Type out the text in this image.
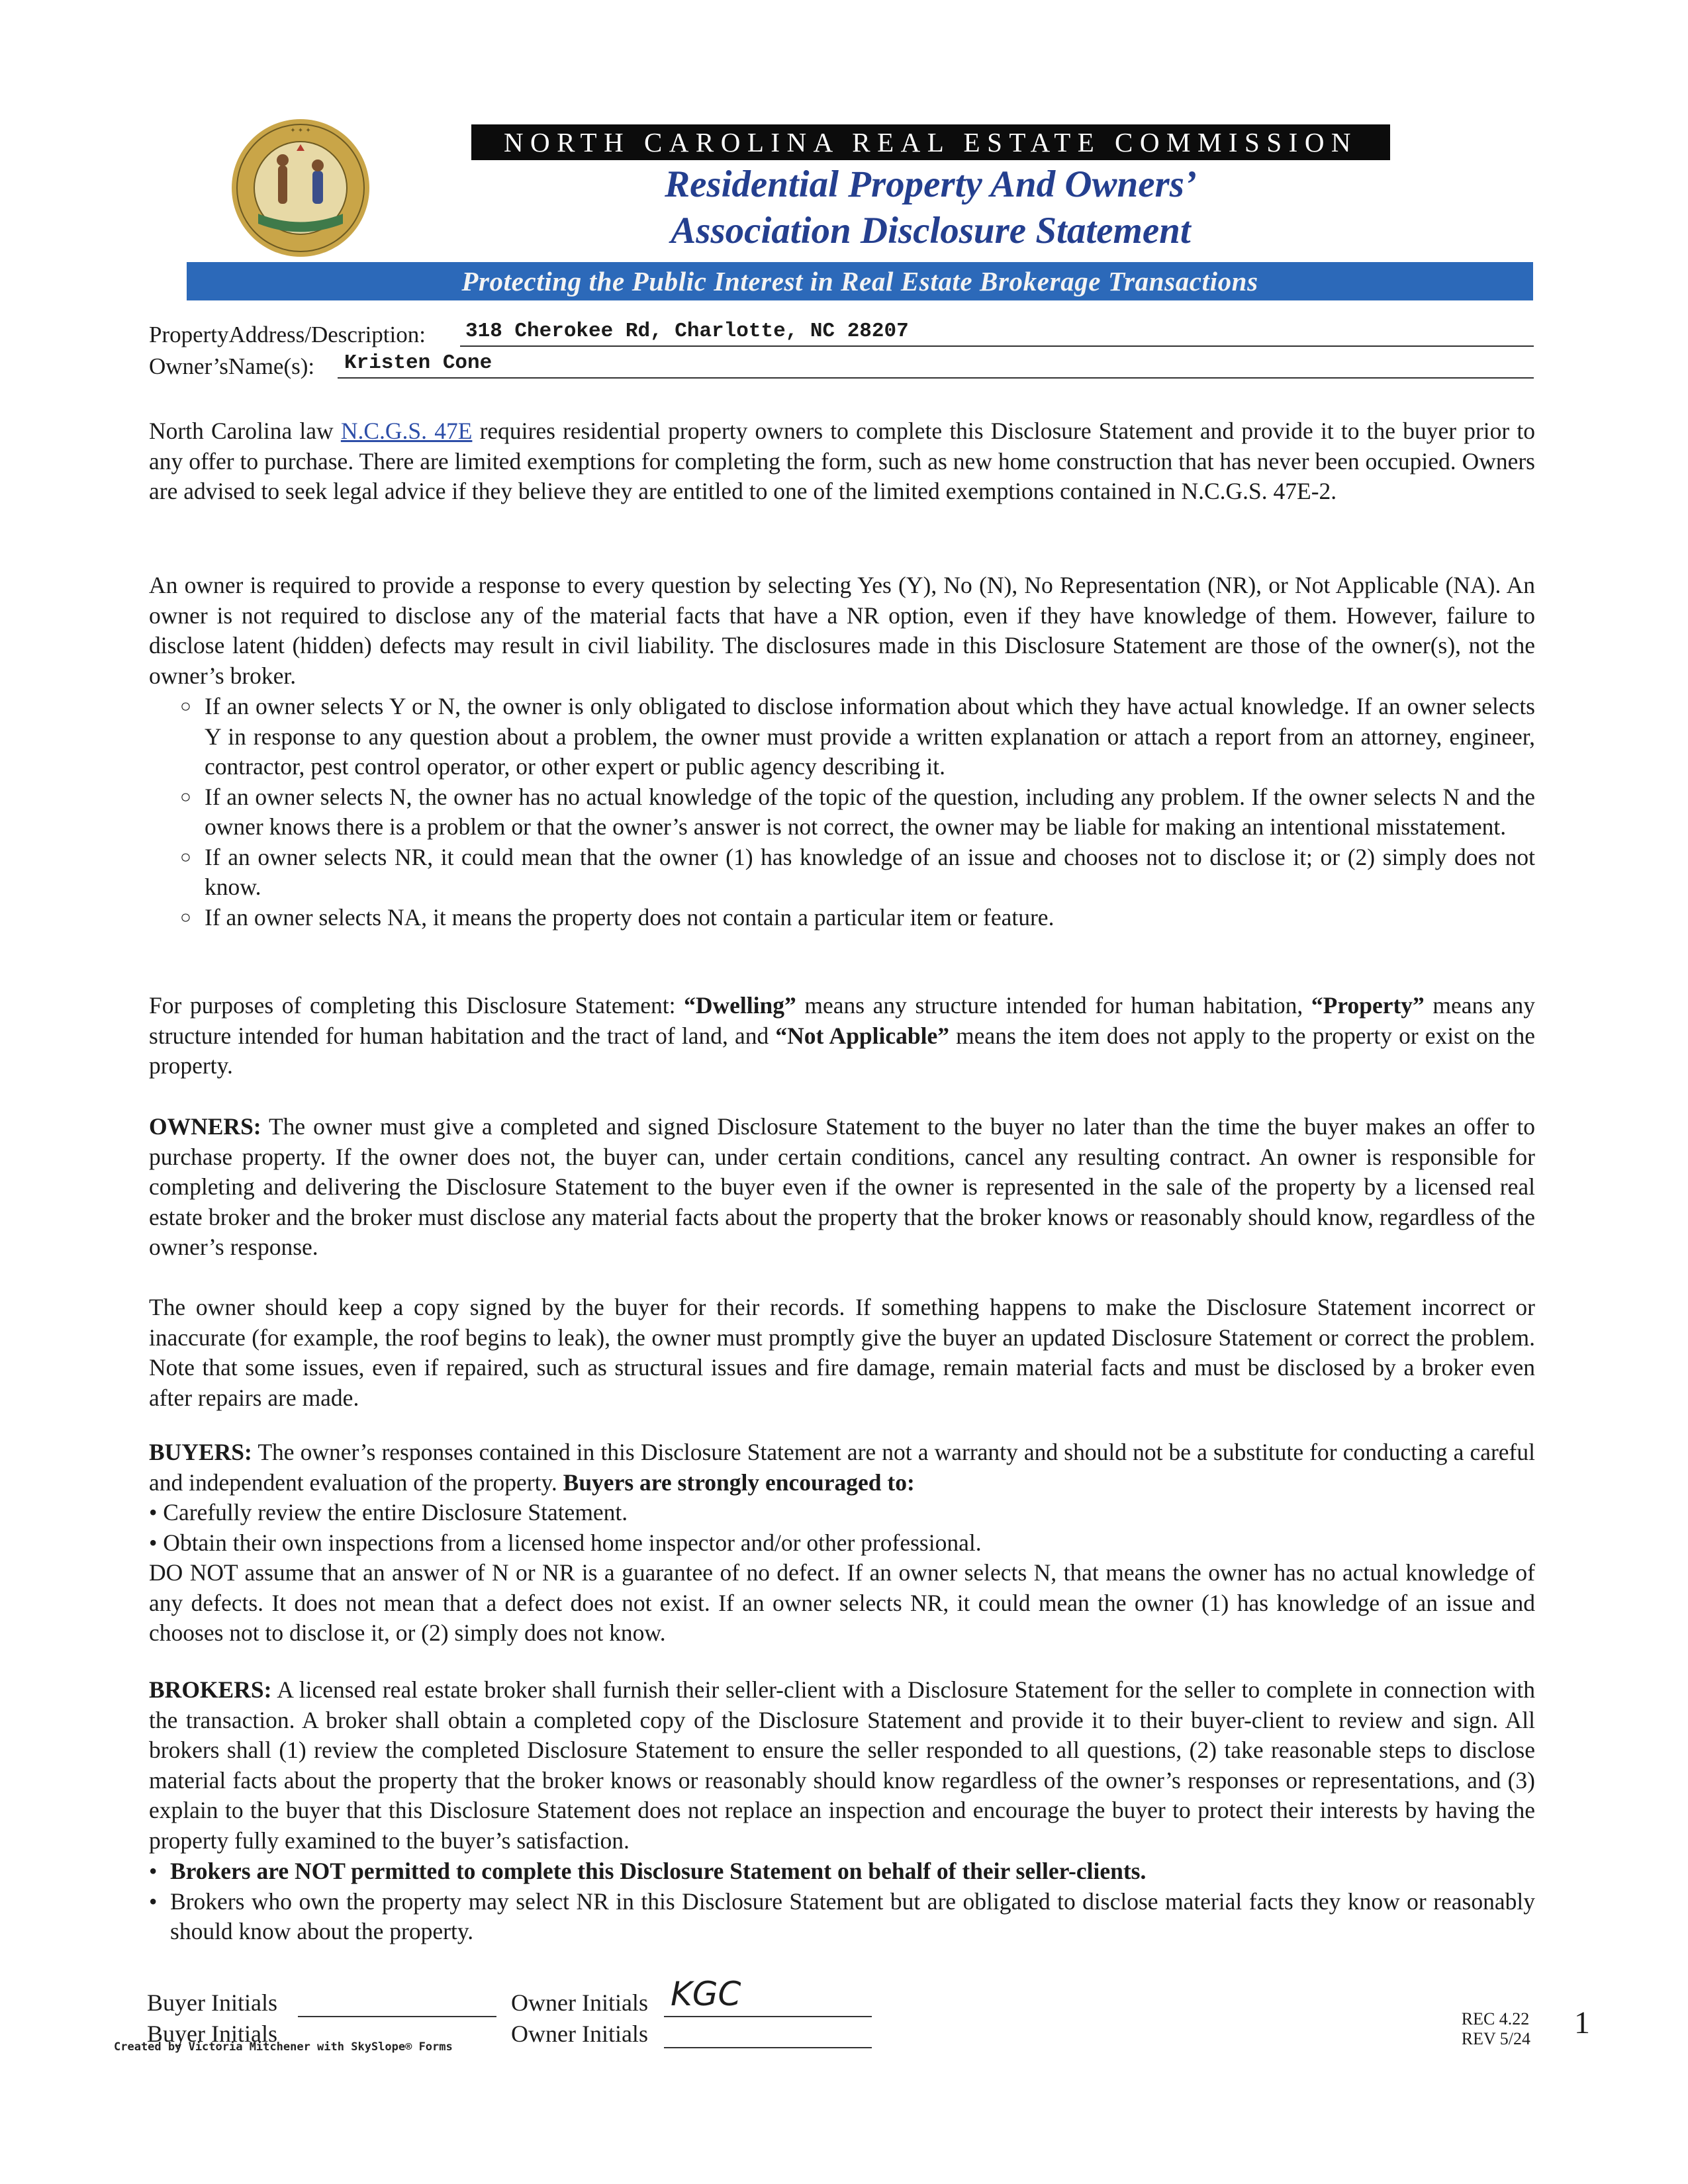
✦ ✦ ✦	NORTH CAROLINA REAL ESTATE COMMISSION
Residential Property And Owners’
Association Disclosure Statement
Protecting the Public Interest in Real Estate Brokerage Transactions
PropertyAddress/Description: 318 Cherokee Rd, Charlotte, NC 28207
Owner’sName(s): Kristen Cone
North Carolina law N.C.G.S. 47E requires residential property owners to complete this Disclosure Statement and provide it to the buyer prior to any offer to purchase. There are limited exemptions for completing the form, such as new home construction that has never been occupied. Owners are advised to seek legal advice if they believe they are entitled to one of the limited exemptions contained in N.C.G.S. 47E-2.
An owner is required to provide a response to every question by selecting Yes (Y), No (N), No Representation (NR), or Not Applicable (NA). An owner is not required to disclose any of the material facts that have a NR option, even if they have knowledge of them. However, failure to disclose latent (hidden) defects may result in civil liability. The disclosures made in this Disclosure Statement are those of the owner(s), not the owner’s broker.
○ If an owner selects Y or N, the owner is only obligated to disclose information about which they have actual knowledge. If an owner selects Y in response to any question about a problem, the owner must provide a written explanation or attach a report from an attorney, engineer, contractor, pest control operator, or other expert or public agency describing it.
○ If an owner selects N, the owner has no actual knowledge of the topic of the question, including any problem. If the owner selects N and the owner knows there is a problem or that the owner’s answer is not correct, the owner may be liable for making an intentional misstatement.
○ If an owner selects NR, it could mean that the owner (1) has knowledge of an issue and chooses not to disclose it; or (2) simply does not know.
○ If an owner selects NA, it means the property does not contain a particular item or feature.
For purposes of completing this Disclosure Statement: “Dwelling” means any structure intended for human habitation, “Property” means any structure intended for human habitation and the tract of land, and “Not Applicable” means the item does not apply to the property or exist on the property.
OWNERS: The owner must give a completed and signed Disclosure Statement to the buyer no later than the time the buyer makes an offer to purchase property. If the owner does not, the buyer can, under certain conditions, cancel any resulting contract. An owner is responsible for completing and delivering the Disclosure Statement to the buyer even if the owner is represented in the sale of the property by a licensed real estate broker and the broker must disclose any material facts about the property that the broker knows or reasonably should know, regardless of the owner’s response.
The owner should keep a copy signed by the buyer for their records. If something happens to make the Disclosure Statement incorrect or inaccurate (for example, the roof begins to leak), the owner must promptly give the buyer an updated Disclosure Statement or correct the problem. Note that some issues, even if repaired, such as structural issues and fire damage, remain material facts and must be disclosed by a broker even after repairs are made.
BUYERS: The owner’s responses contained in this Disclosure Statement are not a warranty and should not be a substitute for conducting a careful and independent evaluation of the property. Buyers are strongly encouraged to:
• Carefully review the entire Disclosure Statement.
• Obtain their own inspections from a licensed home inspector and/or other professional.
DO NOT assume that an answer of N or NR is a guarantee of no defect. If an owner selects N, that means the owner has no actual knowledge of any defects. It does not mean that a defect does not exist. If an owner selects NR, it could mean the owner (1) has knowledge of an issue and chooses not to disclose it, or (2) simply does not know.
BROKERS: A licensed real estate broker shall furnish their seller-client with a Disclosure Statement for the seller to complete in connection with the transaction. A broker shall obtain a completed copy of the Disclosure Statement and provide it to their buyer-client to review and sign. All brokers shall (1) review the completed Disclosure Statement to ensure the seller responded to all questions, (2) take reasonable steps to disclose material facts about the property that the broker knows or reasonably should know regardless of the owner’s responses or representations, and (3) explain to the buyer that this Disclosure Statement does not replace an inspection and encourage the buyer to protect their interests by having the property fully examined to the buyer’s satisfaction.
• Brokers are NOT permitted to complete this Disclosure Statement on behalf of their seller-clients.
• Brokers who own the property may select NR in this Disclosure Statement but are obligated to disclose material facts they know or reasonably should know about the property.
Buyer Initials
Buyer Initials
Owner Initials KGC
Owner Initials
Created by Victoria Mitchener with SkySlope® Forms
REC 4.22
REV 5/24 1
